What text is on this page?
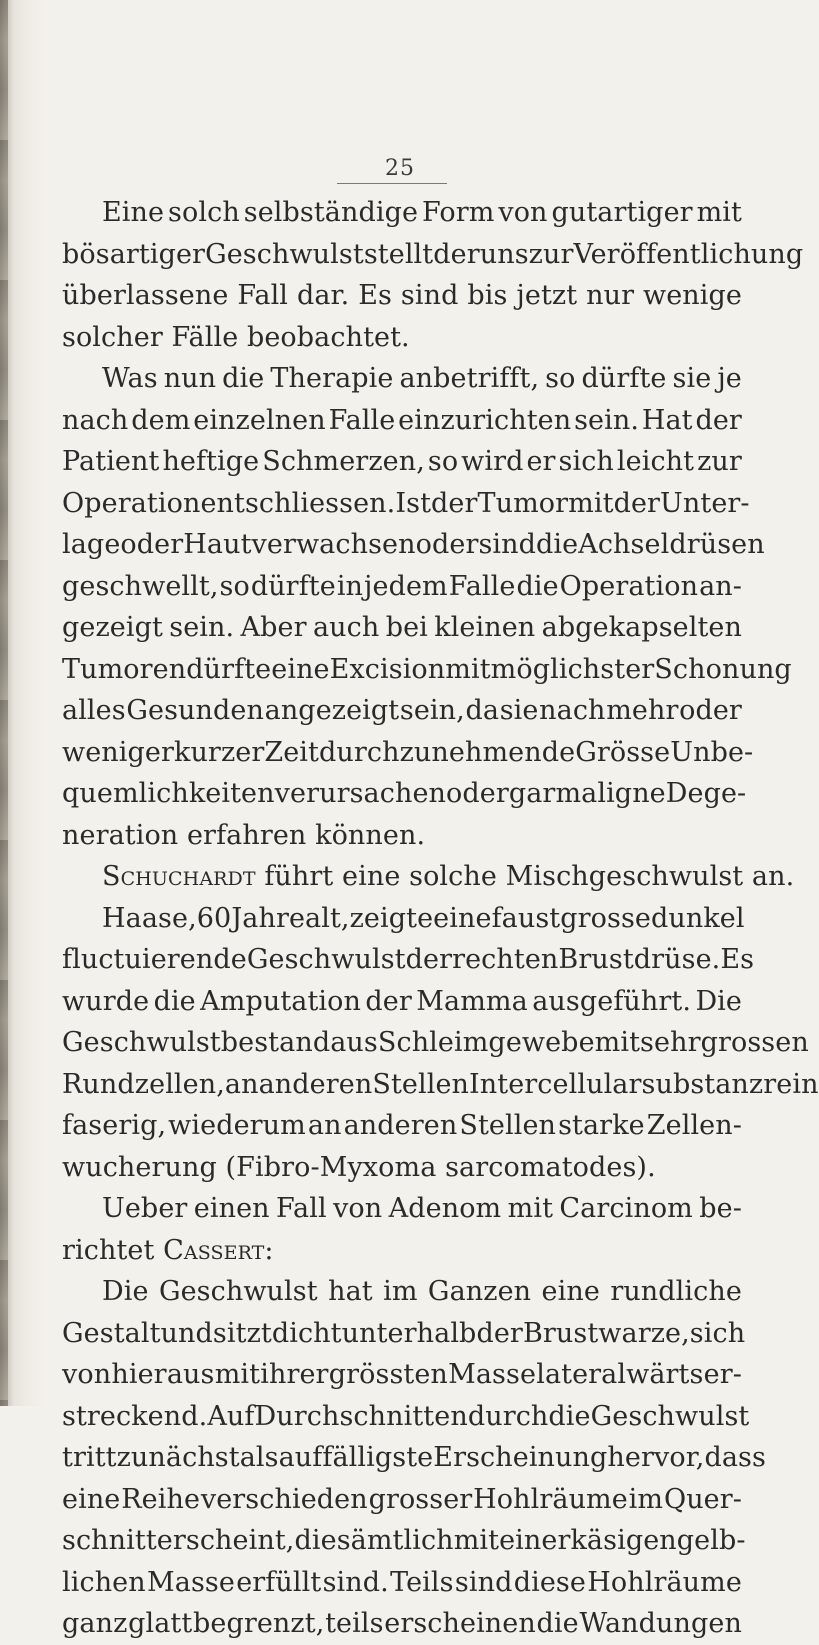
25
Eine solch selbständige Form von gutartiger mit
bösartiger Geschwulst stellt der uns zur Veröffentlichung
überlassene Fall dar. Es sind bis jetzt nur wenige
solcher Fälle beobachtet.
Was nun die Therapie anbetrifft, so dürfte sie je
nach dem einzelnen Falle einzurichten sein. Hat der
Patient heftige Schmerzen, so wird er sich leicht zur
Operation entschliessen. Ist der Tumor mit der Unter-
lage oder Haut verwachsen oder sind die Achseldrüsen
geschwellt, so dürfte in jedem Falle die Operation an-
gezeigt sein. Aber auch bei kleinen abgekapselten
Tumoren dürfte eine Excision mit möglichster Schonung
alles Gesunden angezeigt sein, da sie nach mehr oder
weniger kurzer Zeit durch zunehmende Grösse Unbe-
quemlichkeiten verursachen oder gar maligne Dege-
neration erfahren können.
Schuchardt führt eine solche Mischgeschwulst an.
Haase, 60 Jahre alt, zeigte eine faustgrosse dunkel
fluctuierende Geschwulst der rechten Brustdrüse. Es
wurde die Amputation der Mamma ausgeführt. Die
Geschwulst bestand aus Schleimgewebe mit sehr grossen
Rundzellen, an anderen Stellen Intercellularsubstanz rein
faserig, wiederum an anderen Stellen starke Zellen-
wucherung (Fibro-Myxoma sarcomatodes).
Ueber einen Fall von Adenom mit Carcinom be-
richtet Cassert :
Die Geschwulst hat im Ganzen eine rundliche
Gestalt und sitzt dicht unterhalb der Brustwarze, sich
von hier aus mit ihrer grössten Masse lateralwärts er-
streckend. Auf Durchschnitten durch die Geschwulst
tritt zunächst als auffälligste Erscheinung hervor, dass
eine Reihe verschieden grosser Hohlräume im Quer-
schnitt erscheint, die sämtlich mit einer käsigen gelb-
lichen Masse erfüllt sind. Teils sind diese Hohlräume
ganz glatt begrenzt, teils erscheinen die Wandungen
